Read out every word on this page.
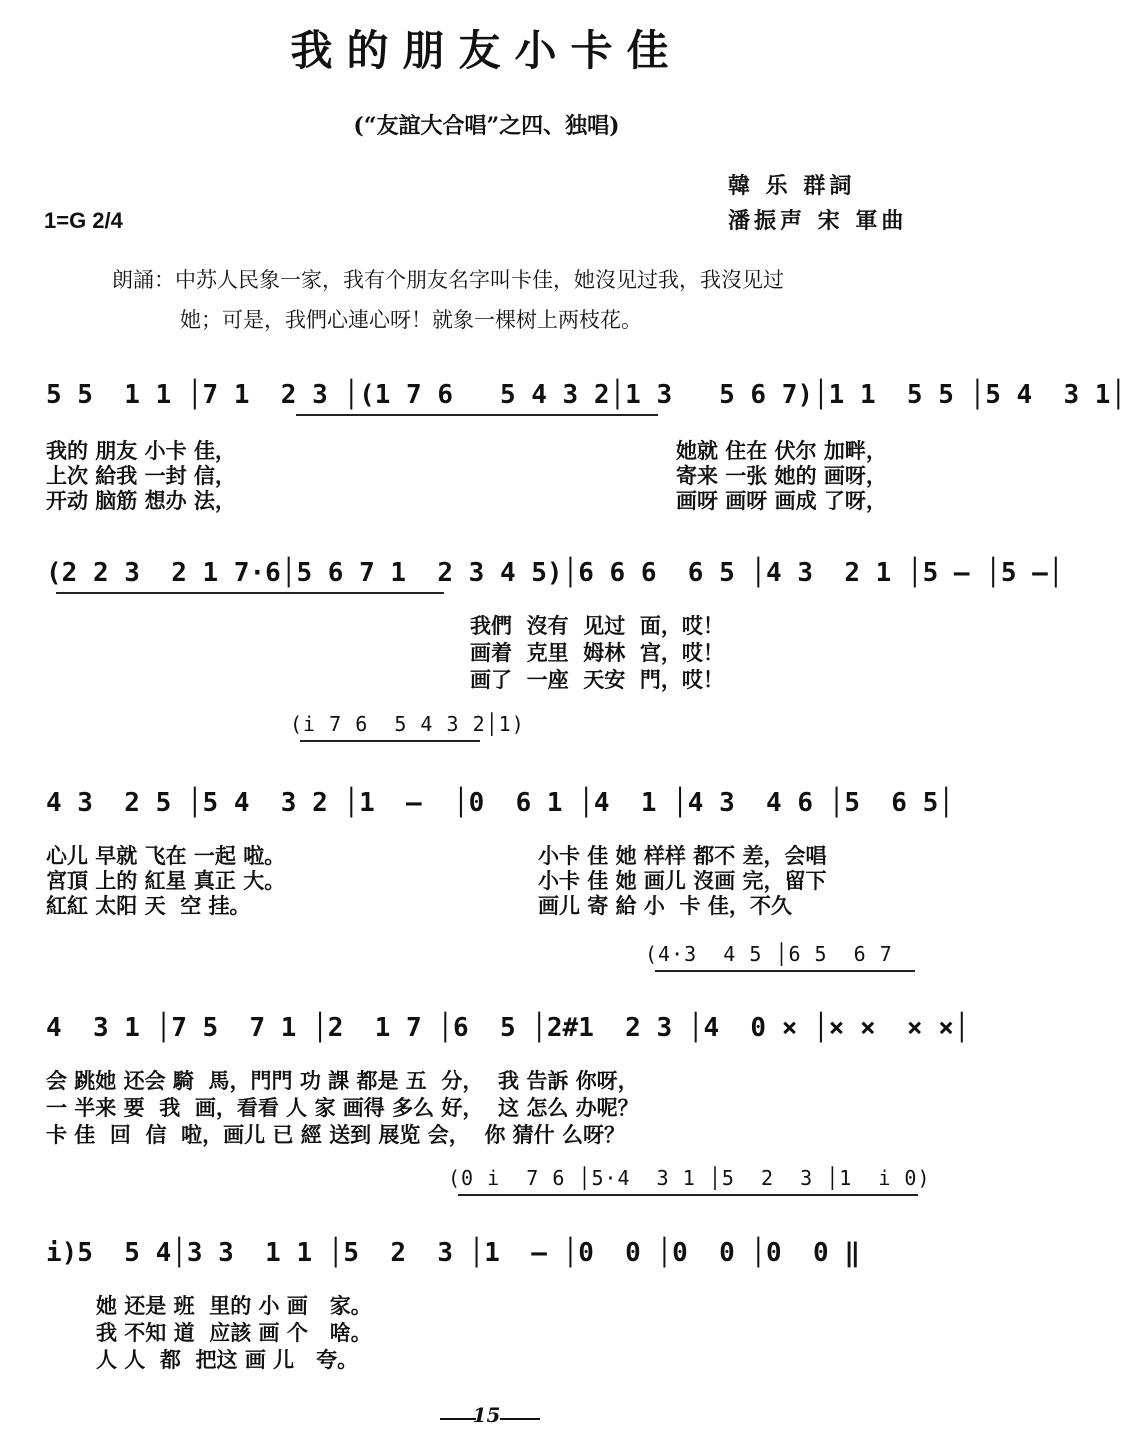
我的朋友小卡佳
(“友誼大合唱”之四、独唱)
韓 乐 群詞
潘振声 宋 軍曲
1=G 2/4
朗誦：中苏人民象一家，我有个朋友名字叫卡佳，她沒见过我，我沒见过
她；可是，我們心連心呀！就象一棵树上两枝花。
5 5  1 1 │7 1  2 3 │(1 7 6   5 4 3 2│1 3   5 6 7)│1 1  5 5 │5 4  3 1│
我的 朋友 小卡 佳，
上次 給我 一封 信，
开动 脑筋 想办 法，
她就 住在 伏尔 加畔，
寄来 一张 她的 画呀，
画呀 画呀 画成 了呀，
(2 2 3  2 1 7·6│5 6 7 1  2 3 4 5)│6 6 6  6 5 │4 3  2 1 │5 — │5 —│
我們  沒有  见过  面，哎！
画着  克里  姆林  宫，哎！
画了  一座  天安  門，哎！
(i 7 6  5 4 3 2│1)
4 3  2 5 │5 4  3 2 │1  —  │0  6 1 │4  1 │4 3  4 6 │5  6 5│
心儿 早就 飞在 一起 啦。
宮頂 上的 紅星 真正 大。
紅紅 太阳 天  空 挂。
小卡 佳 她 样样 都不 差，会唱
小卡 佳 她 画儿 沒画 完，留下
画儿 寄 給 小  卡 佳，不久
(4·3  4 5 │6 5  6 7
4  3 1 │7 5  7 1 │2  1 7 │6  5 │2#1  2 3 │4  0 × │× ×  × ×│
会 跳她 还会 騎  馬，門門 功 課 都是 五  分，  我 告訴 你呀，
一 半来 要  我  画，看看 人 家 画得 多么 好，  这 怎么 办呢？
卡 佳  回  信  啦，画儿 已 經 送到 展览 会，  你 猜什 么呀？
(0 i  7 6 │5·4  3 1 │5  2  3 │1  i 0)
i)5  5 4│3 3  1 1 │5  2  3 │1  — │0  0 │0  0 │0  0 ‖
她 还是 班  里的 小 画   家。
我 不知 道  应該 画 个   啥。
人 人  都  把这 画 儿   夸。
15
